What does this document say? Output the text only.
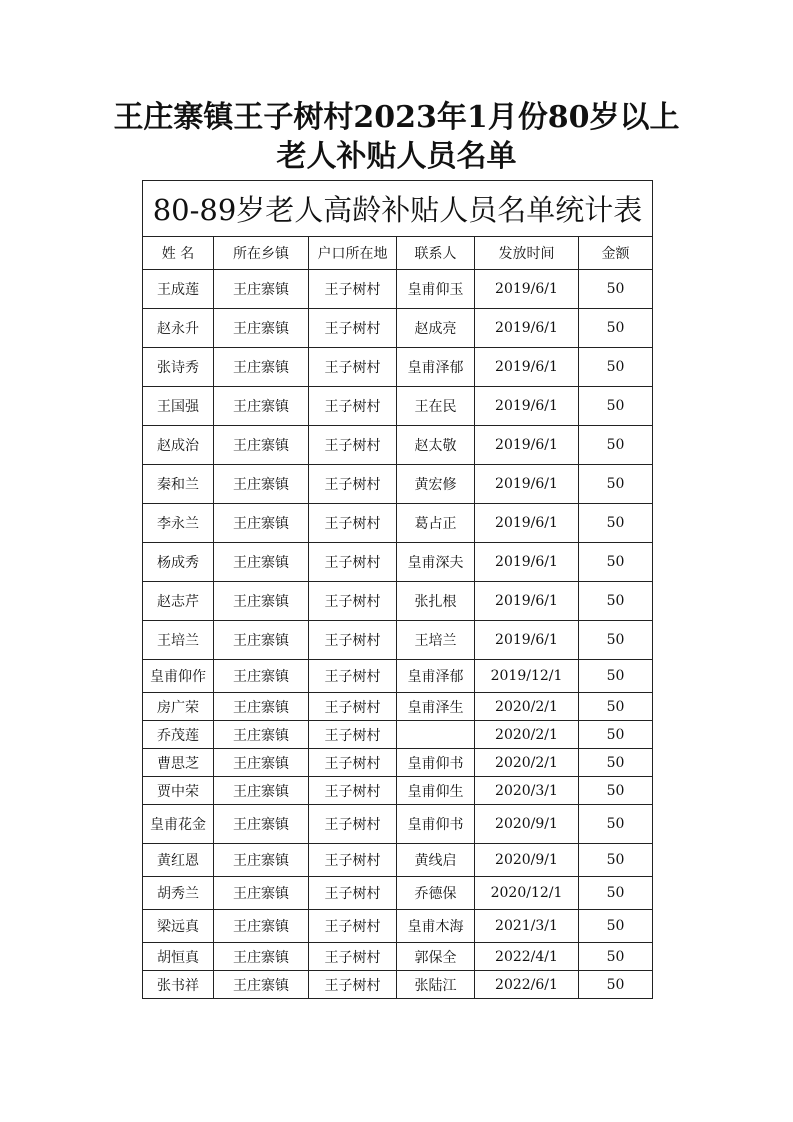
王庄寨镇王子树村2023年1月份80岁以上
老人补贴人员名单
80-89岁老人高龄补贴人员名单统计表					
姓 名	所在乡镇	户口所在地	联系人	发放时间	金额
王成莲	王庄寨镇	王子树村	皇甫仰玉	2019/6/1	50
赵永升	王庄寨镇	王子树村	赵成亮	2019/6/1	50
张诗秀	王庄寨镇	王子树村	皇甫泽郁	2019/6/1	50
王国强	王庄寨镇	王子树村	王在民	2019/6/1	50
赵成治	王庄寨镇	王子树村	赵太敬	2019/6/1	50
秦和兰	王庄寨镇	王子树村	黄宏修	2019/6/1	50
李永兰	王庄寨镇	王子树村	葛占正	2019/6/1	50
杨成秀	王庄寨镇	王子树村	皇甫深夫	2019/6/1	50
赵志芹	王庄寨镇	王子树村	张扎根	2019/6/1	50
王培兰	王庄寨镇	王子树村	王培兰	2019/6/1	50
皇甫仰作	王庄寨镇	王子树村	皇甫泽郁	2019/12/1	50
房广荣	王庄寨镇	王子树村	皇甫泽生	2020/2/1	50
乔茂莲	王庄寨镇	王子树村		2020/2/1	50
曹思芝	王庄寨镇	王子树村	皇甫仰书	2020/2/1	50
贾中荣	王庄寨镇	王子树村	皇甫仰生	2020/3/1	50
皇甫花金	王庄寨镇	王子树村	皇甫仰书	2020/9/1	50
黄红恩	王庄寨镇	王子树村	黄线启	2020/9/1	50
胡秀兰	王庄寨镇	王子树村	乔德保	2020/12/1	50
梁远真	王庄寨镇	王子树村	皇甫木海	2021/3/1	50
胡恒真	王庄寨镇	王子树村	郭保全	2022/4/1	50
张书祥	王庄寨镇	王子树村	张陆江	2022/6/1	50
